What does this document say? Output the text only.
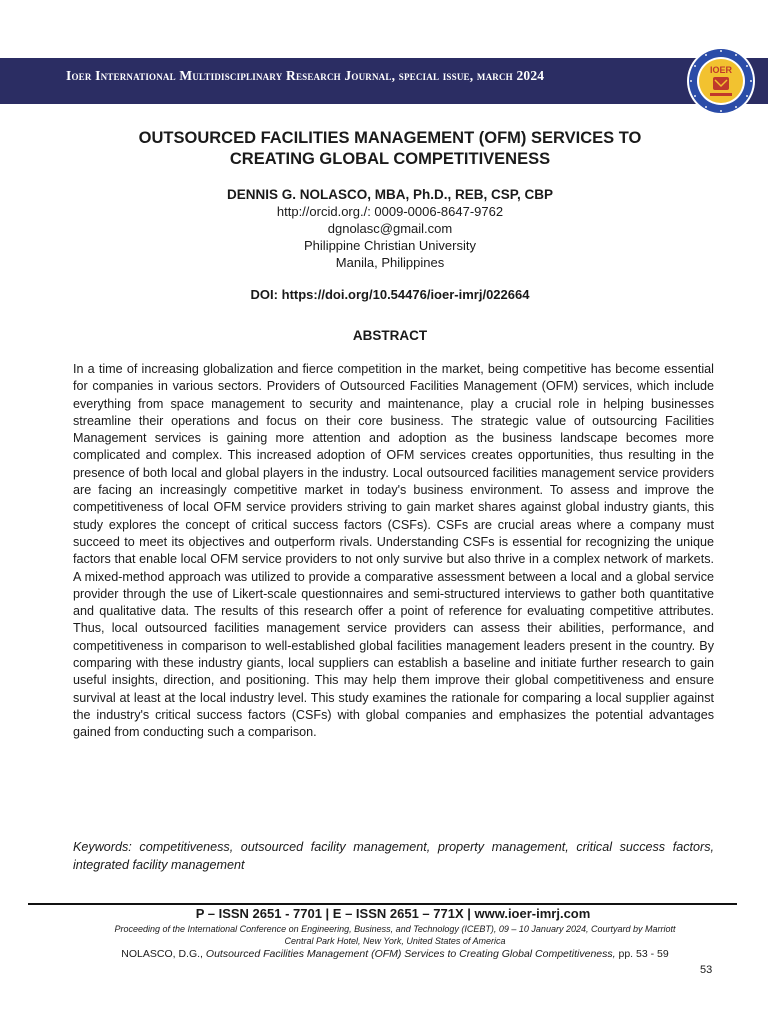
Ioer International Multidisciplinary Research Journal, special issue, march 2024	IOER
OUTSOURCED FACILITIES MANAGEMENT (OFM) SERVICES TO
CREATING GLOBAL COMPETITIVENESS
DENNIS G. NOLASCO, MBA, Ph.D., REB, CSP, CBP
http://orcid.org./: 0009-0006-8647-9762
dgnolasc@gmail.com
Philippine Christian University
Manila, Philippines
DOI: https://doi.org/10.54476/ioer-imrj/022664
ABSTRACT
In a time of increasing globalization and fierce competition in the market, being competitive has become essential for companies in various sectors. Providers of Outsourced Facilities Management (OFM) services, which include everything from space management to security and maintenance, play a crucial role in helping businesses streamline their operations and focus on their core business. The strategic value of outsourcing Facilities Management services is gaining more attention and adoption as the business landscape becomes more complicated and complex. This increased adoption of OFM services creates opportunities, thus resulting in the presence of both local and global players in the industry. Local outsourced facilities management service providers are facing an increasingly competitive market in today's business environment. To assess and improve the competitiveness of local OFM service providers striving to gain market shares against global industry giants, this study explores the concept of critical success factors (CSFs). CSFs are crucial areas where a company must succeed to meet its objectives and outperform rivals. Understanding CSFs is essential for recognizing the unique factors that enable local OFM service providers to not only survive but also thrive in a complex network of markets. A mixed-method approach was utilized to provide a comparative assessment between a local and a global service provider through the use of Likert-scale questionnaires and semi-structured interviews to gather both quantitative and qualitative data. The results of this research offer a point of reference for evaluating competitive attributes. Thus, local outsourced facilities management service providers can assess their abilities, performance, and competitiveness in comparison to well-established global facilities management leaders present in the country. By comparing with these industry giants, local suppliers can establish a baseline and initiate further research to gain useful insights, direction, and positioning. This may help them improve their global competitiveness and ensure survival at least at the local industry level. This study examines the rationale for comparing a local supplier against the industry's critical success factors (CSFs) with global companies and emphasizes the potential advantages gained from conducting such a comparison.
Keywords: competitiveness, outsourced facility management, property management, critical success factors, integrated facility management
P – ISSN 2651 - 7701 | E – ISSN 2651 – 771X | www.ioer-imrj.com
Proceeding of the International Conference on Engineering, Business, and Technology (ICEBT), 09 – 10 January 2024, Courtyard by Marriott
Central Park Hotel, New York, United States of America
NOLASCO, D.G., Outsourced Facilities Management (OFM) Services to Creating Global Competitiveness, pp. 53 - 59
53
